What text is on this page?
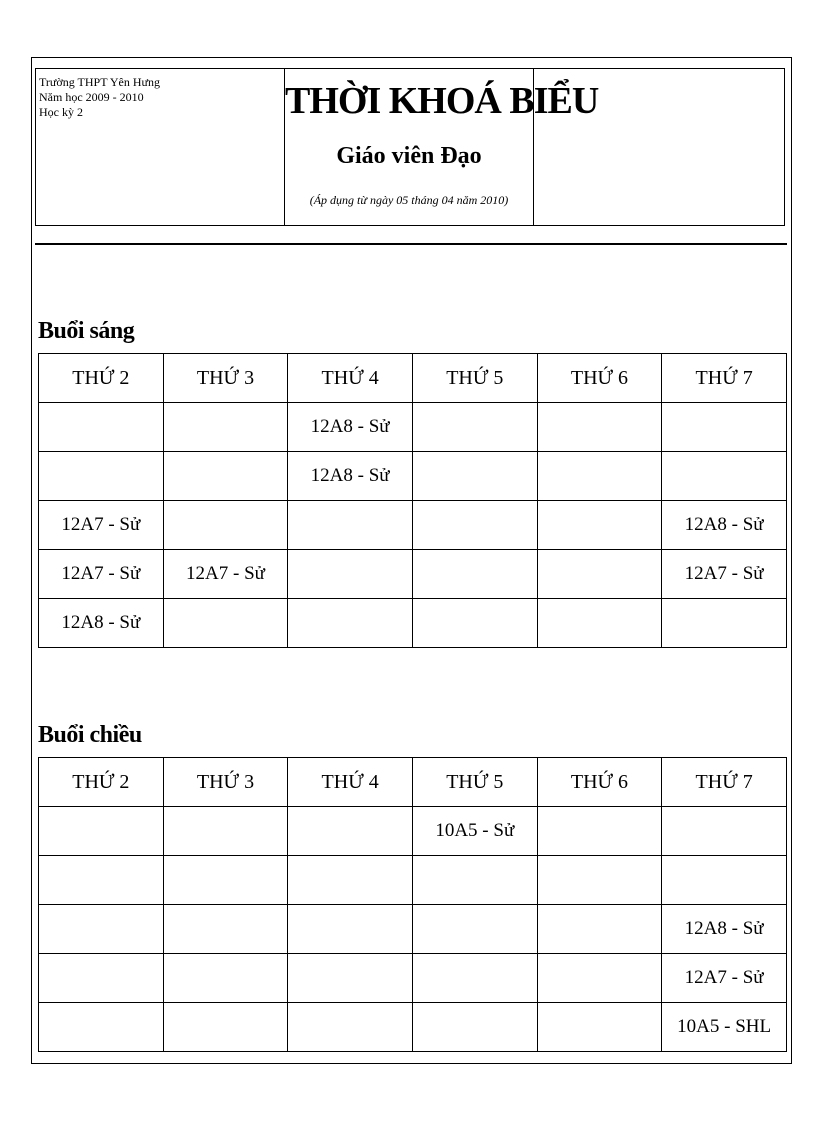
Trường THPT Yên Hưng
Năm học 2009 - 2010
Học kỳ 2	THỜI KHOÁ BIỂU
Giáo viên Đạo
(Áp dụng từ ngày 05 tháng 04 năm 2010)
Buổi sáng
THỨ 2	THỨ 3	THỨ 4	THỨ 5	THỨ 6	THỨ 7
		12A8 - Sử			
		12A8 - Sử			
12A7 - Sử					12A8 - Sử
12A7 - Sử	12A7 - Sử				12A7 - Sử
12A8 - Sử					
Buổi chiều
THỨ 2	THỨ 3	THỨ 4	THỨ 5	THỨ 6	THỨ 7
			10A5 - Sử		

					12A8 - Sử
					12A7 - Sử
					10A5 - SHL
